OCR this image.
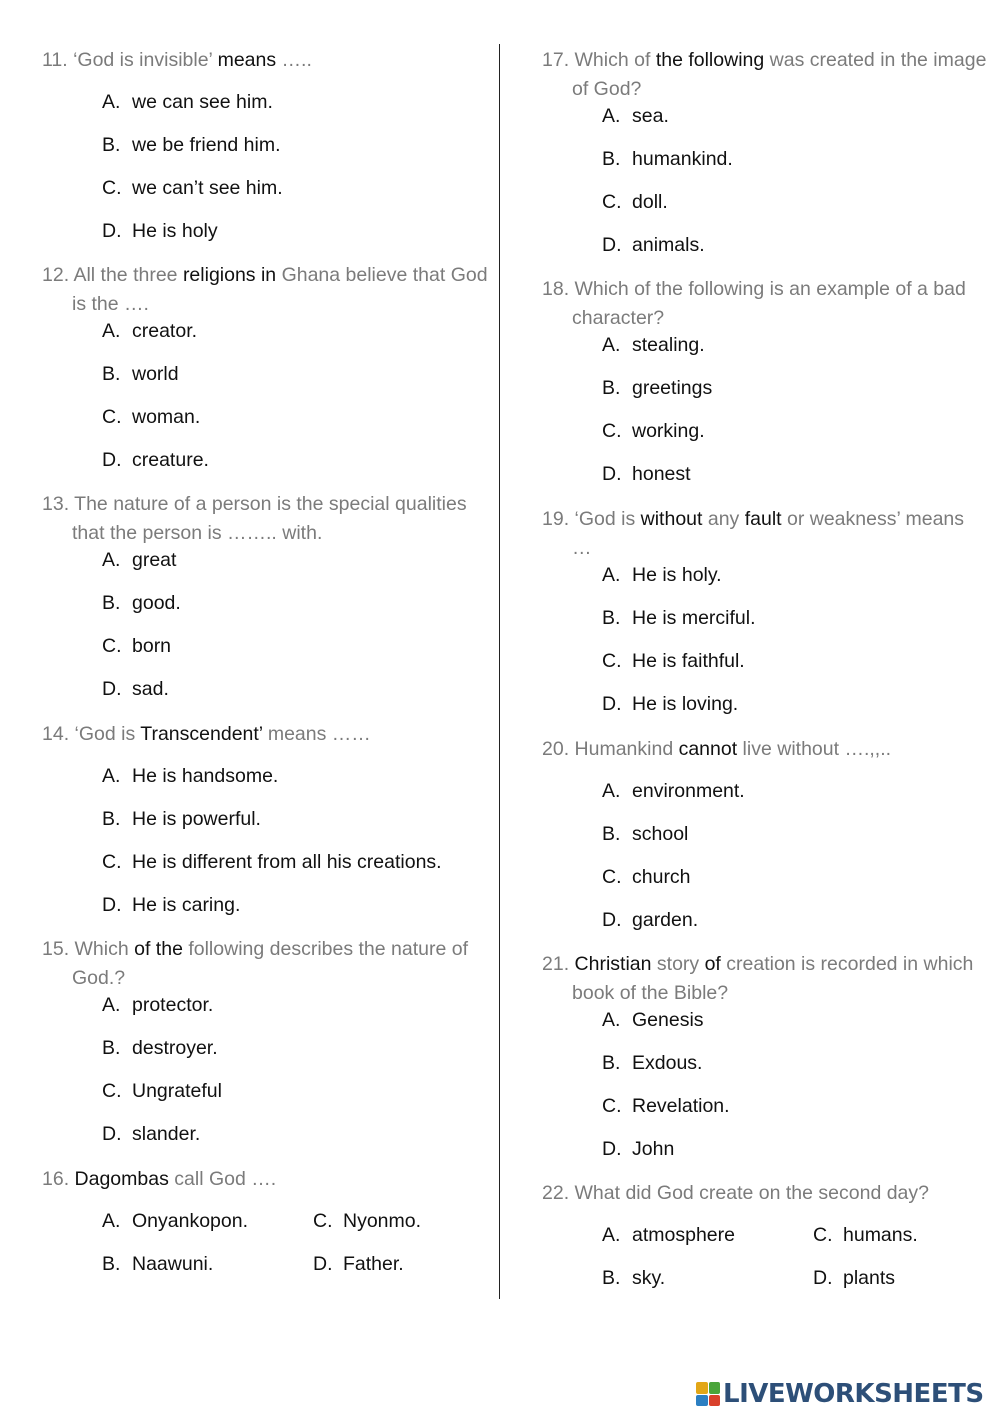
11. ‘God is invisible’ means …..
A. we can see him.
B. we be friend him.
C. we can’t see him.
D. He is holy
12. All the three religions in Ghana believe that God is the ….
A. creator.
B. world
C. woman.
D. creature.
13. The nature of a person is the special qualities that the person is …….. with.
A. great
B. good.
C. born
D. sad.
14. ‘God is Transcendent’ means ……
A. He is handsome.
B. He is powerful.
C. He is different from all his creations.
D. He is caring.
15. Which of the following describes the nature of God.?
A. protector.
B. destroyer.
C. Ungrateful
D. slander.
16. Dagombas call God ….
A. Onyankopon.	C. Nyonmo.
B. Naawuni.	D. Father.
17. Which of the following was created in the image of God?
A. sea.
B. humankind.
C. doll.
D. animals.
18. Which of the following is an example of a bad character?
A. stealing.
B. greetings
C. working.
D. honest
19. ‘God is without any fault or weakness’ means …
A. He is holy.
B. He is merciful.
C. He is faithful.
D. He is loving.
20. Humankind cannot live without ….,,..
A. environment.
B. school
C. church
D. garden.
21. Christian story of creation is recorded in which book of the Bible?
A. Genesis
B. Exdous.
C. Revelation.
D. John
22. What did God create on the second day?
A. atmosphere	C. humans.
B. sky.	D. plants
LIVEWORKSHEETS
